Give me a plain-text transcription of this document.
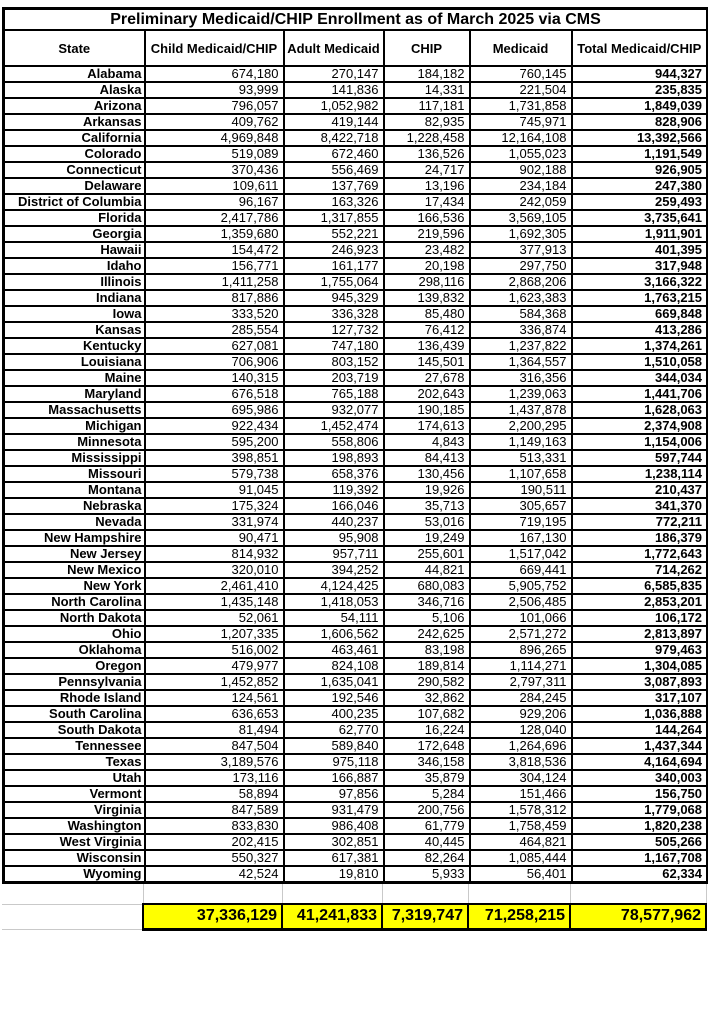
Preliminary Medicaid/CHIP Enrollment as of March 2025 via CMS					
State	Child Medicaid/CHIP	Adult Medicaid	CHIP	Medicaid	Total Medicaid/CHIP
Alabama	674,180	270,147	184,182	760,145	944,327
Alaska	93,999	141,836	14,331	221,504	235,835
Arizona	796,057	1,052,982	117,181	1,731,858	1,849,039
Arkansas	409,762	419,144	82,935	745,971	828,906
California	4,969,848	8,422,718	1,228,458	12,164,108	13,392,566
Colorado	519,089	672,460	136,526	1,055,023	1,191,549
Connecticut	370,436	556,469	24,717	902,188	926,905
Delaware	109,611	137,769	13,196	234,184	247,380
District of Columbia	96,167	163,326	17,434	242,059	259,493
Florida	2,417,786	1,317,855	166,536	3,569,105	3,735,641
Georgia	1,359,680	552,221	219,596	1,692,305	1,911,901
Hawaii	154,472	246,923	23,482	377,913	401,395
Idaho	156,771	161,177	20,198	297,750	317,948
Illinois	1,411,258	1,755,064	298,116	2,868,206	3,166,322
Indiana	817,886	945,329	139,832	1,623,383	1,763,215
Iowa	333,520	336,328	85,480	584,368	669,848
Kansas	285,554	127,732	76,412	336,874	413,286
Kentucky	627,081	747,180	136,439	1,237,822	1,374,261
Louisiana	706,906	803,152	145,501	1,364,557	1,510,058
Maine	140,315	203,719	27,678	316,356	344,034
Maryland	676,518	765,188	202,643	1,239,063	1,441,706
Massachusetts	695,986	932,077	190,185	1,437,878	1,628,063
Michigan	922,434	1,452,474	174,613	2,200,295	2,374,908
Minnesota	595,200	558,806	4,843	1,149,163	1,154,006
Mississippi	398,851	198,893	84,413	513,331	597,744
Missouri	579,738	658,376	130,456	1,107,658	1,238,114
Montana	91,045	119,392	19,926	190,511	210,437
Nebraska	175,324	166,046	35,713	305,657	341,370
Nevada	331,974	440,237	53,016	719,195	772,211
New Hampshire	90,471	95,908	19,249	167,130	186,379
New Jersey	814,932	957,711	255,601	1,517,042	1,772,643
New Mexico	320,010	394,252	44,821	669,441	714,262
New York	2,461,410	4,124,425	680,083	5,905,752	6,585,835
North Carolina	1,435,148	1,418,053	346,716	2,506,485	2,853,201
North Dakota	52,061	54,111	5,106	101,066	106,172
Ohio	1,207,335	1,606,562	242,625	2,571,272	2,813,897
Oklahoma	516,002	463,461	83,198	896,265	979,463
Oregon	479,977	824,108	189,814	1,114,271	1,304,085
Pennsylvania	1,452,852	1,635,041	290,582	2,797,311	3,087,893
Rhode Island	124,561	192,546	32,862	284,245	317,107
South Carolina	636,653	400,235	107,682	929,206	1,036,888
South Dakota	81,494	62,770	16,224	128,040	144,264
Tennessee	847,504	589,840	172,648	1,264,696	1,437,344
Texas	3,189,576	975,118	346,158	3,818,536	4,164,694
Utah	173,116	166,887	35,879	304,124	340,003
Vermont	58,894	97,856	5,284	151,466	156,750
Virginia	847,589	931,479	200,756	1,578,312	1,779,068
Washington	833,830	986,408	61,779	1,758,459	1,820,238
West Virginia	202,415	302,851	40,445	464,821	505,266
Wisconsin	550,327	617,381	82,264	1,085,444	1,167,708
Wyoming	42,524	19,810	5,933	56,401	62,334

	37,336,129	41,241,833	7,319,747	71,258,215	78,577,962
